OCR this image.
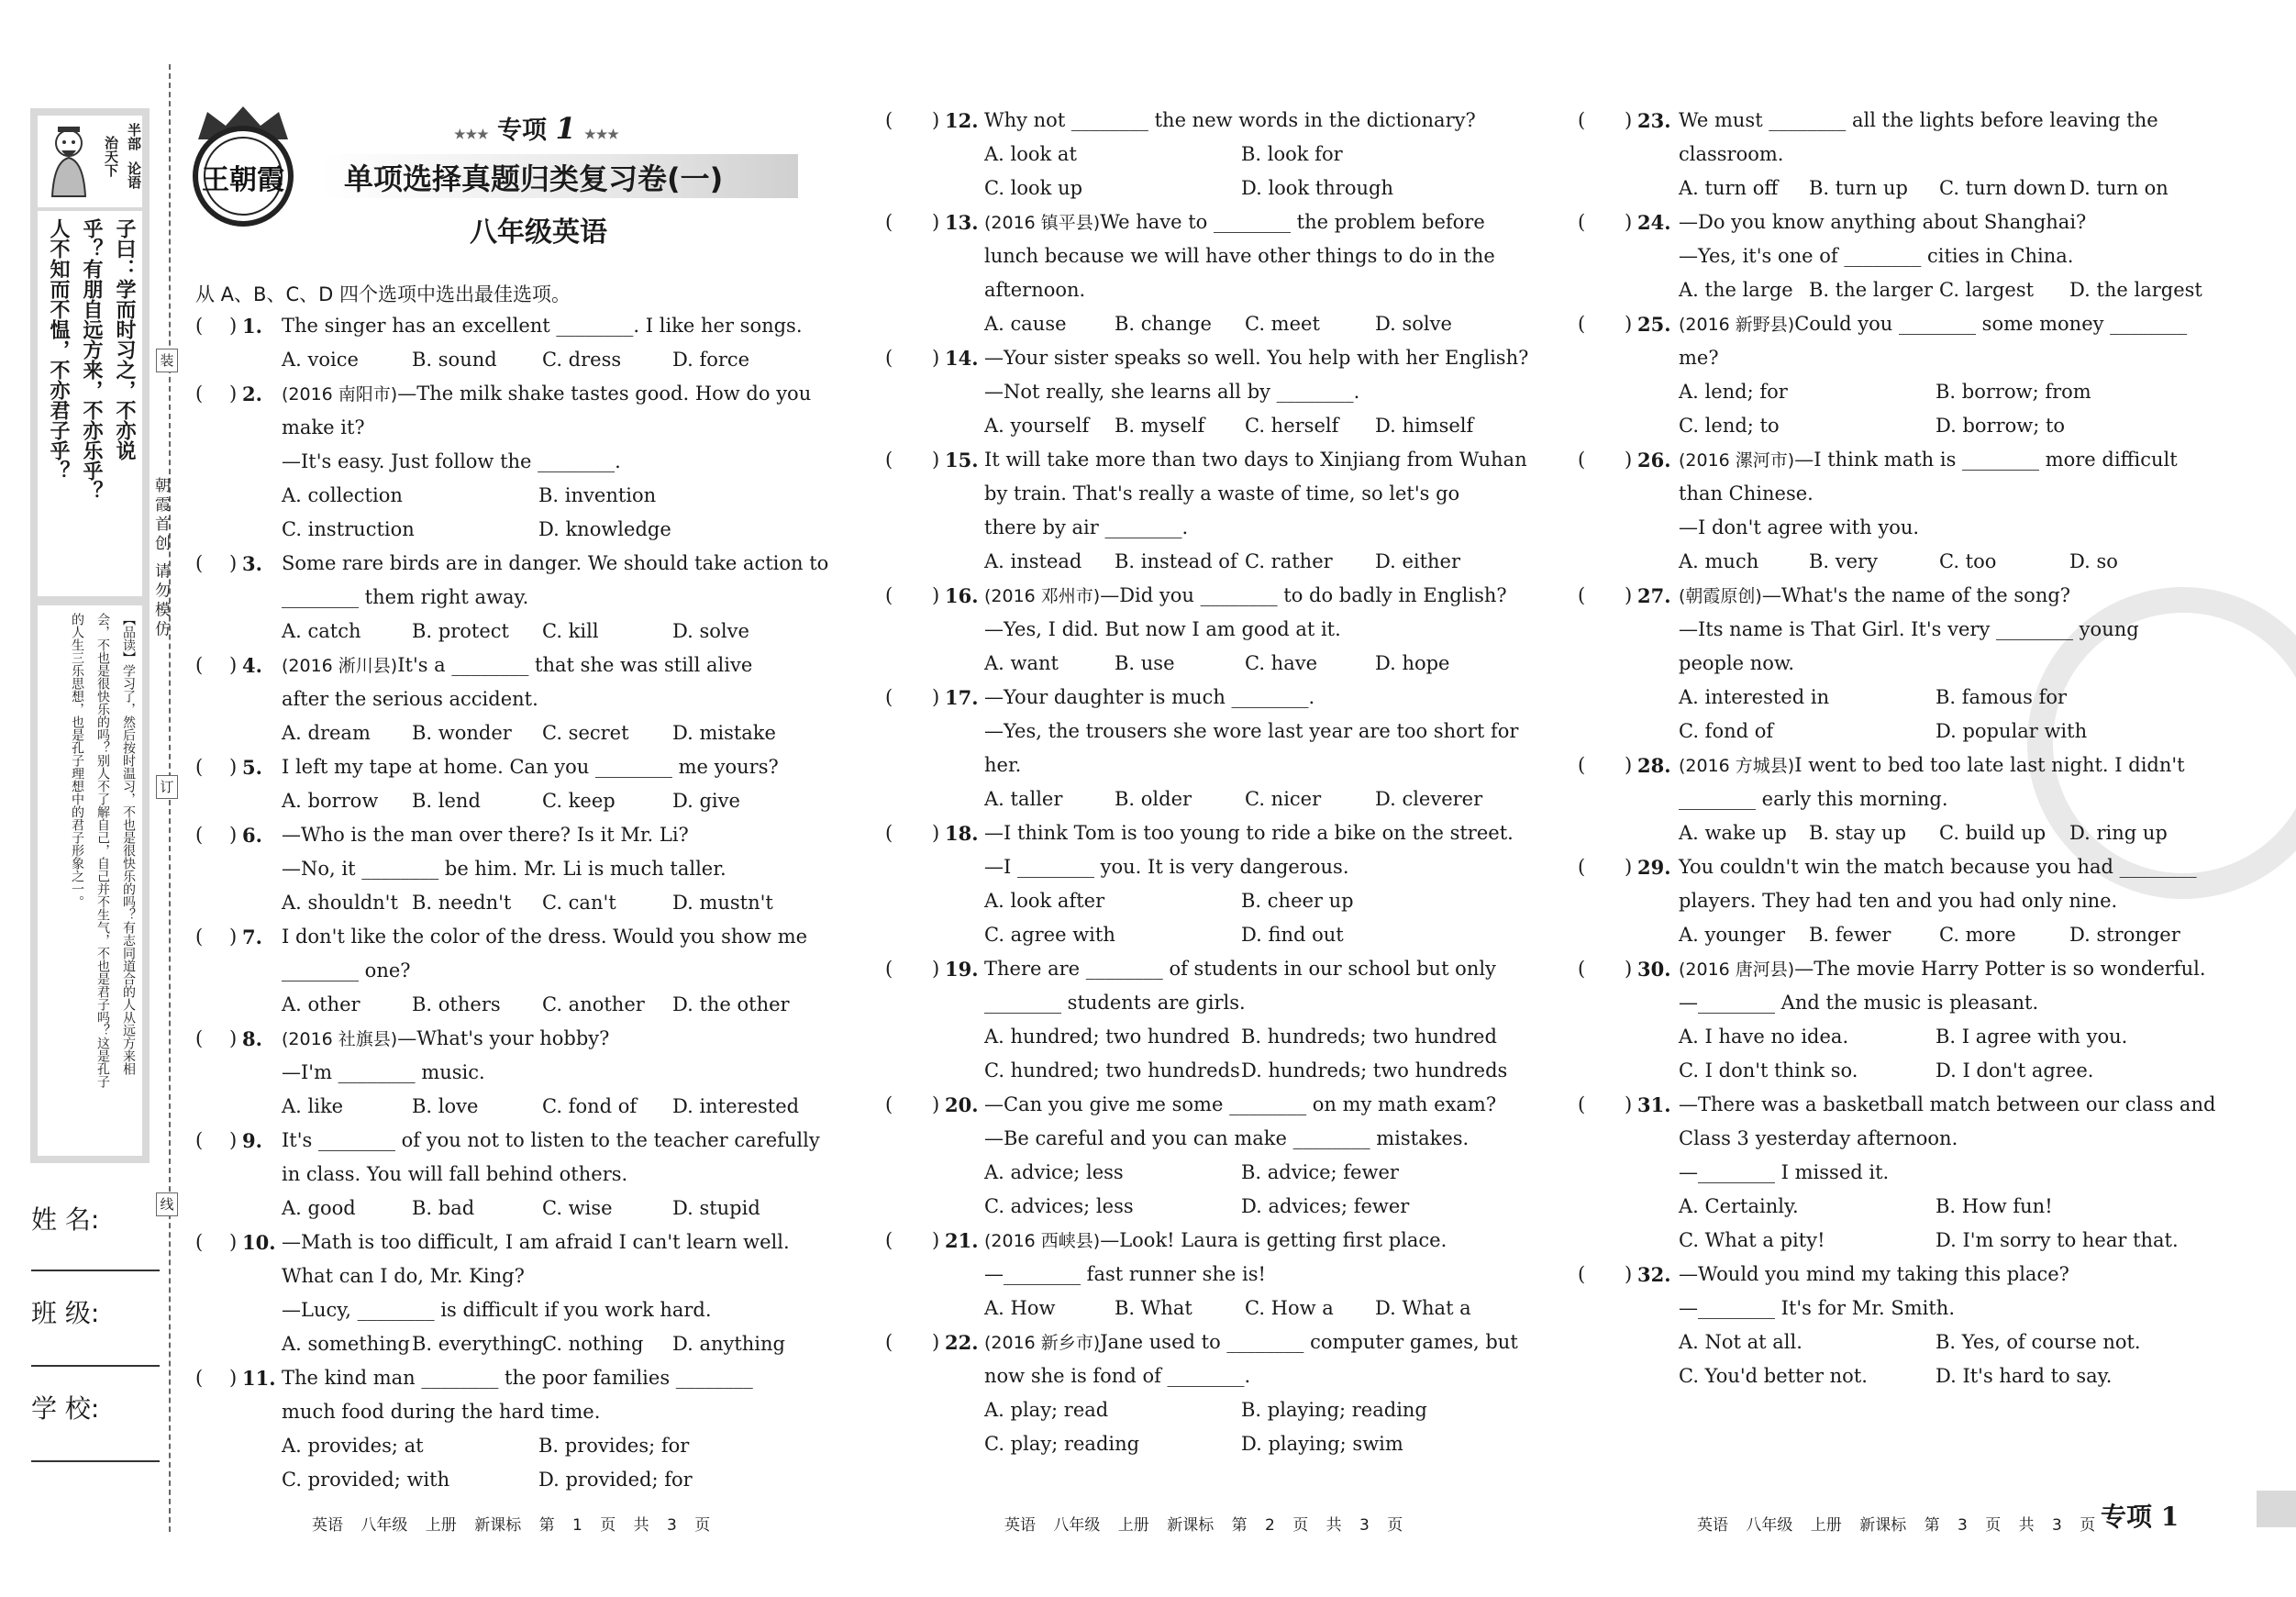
半部
论语
治天下
子曰：学而时习之，不亦说
乎？有朋自远方来，不亦乐乎？
人不知而不愠，不亦君子乎？
【品读】学习了，然后按时温习，不也是很快乐的吗？有志同道合的人从远方来相
会，不也是很快乐的吗？别人不了解自己，自己并不生气，不也是君子吗？这是孔子
的人生三乐思想，也是孔子理想中的君子形象之一。
姓 名:
班 级:
学 校:
装
订
线
朝霞首创 请勿模仿
王朝霞
★★★ 专项 1 ★★★
单项选择真题归类复习卷(一)
八年级英语
从 A、B、C、D 四个选项中选出最佳选项。
( ) 1. The singer has an excellent ________. I like her songs.
A. voice	B. sound C. dress	D. force
( ) 2. (2016 南阳市)—The milk shake tastes good. How do you
make it?
—It's easy. Just follow the ________.
A. collection	B. invention
C. instruction	D. knowledge
( ) 3. Some rare birds are in danger. We should take action to
________ them right away.
A. catch	B. protect C. kill	D. solve
( ) 4. (2016 淅川县)It's a ________ that she was still alive
after the serious accident.
A. dream B. wonder C. secret D. mistake
( ) 5. I left my tape at home. Can you ________ me yours?
A. borrow B. lend	C. keep	D. give
( ) 6. —Who is the man over there? Is it Mr. Li?
—No, it ________ be him. Mr. Li is much taller.
A. shouldn't B. needn't C. can't	D. mustn't
( ) 7. I don't like the color of the dress. Would you show me
________ one?
A. other	B. others C. another D. the other
( ) 8. (2016 社旗县)—What's your hobby?
—I'm ________ music.
A. like	B. love	C. fond of D. interested
( ) 9. It's ________ of you not to listen to the teacher carefully
in class. You will fall behind others.
A. good	B. bad	C. wise	D. stupid
( ) 10. —Math is too difficult, I am afraid I can't learn well.
What can I do, Mr. King?
—Lucy, ________ is difficult if you work hard.
A. something B. everything
C. nothing D. anything
( ) 11. The kind man ________ the poor families ________
much food during the hard time.
A. provides; at	B. provides; for
C. provided; with	D. provided; for
( ) 12. Why not ________ the new words in the dictionary?
A. look at	B. look for
C. look up	D. look through
( ) 13. (2016 镇平县)We have to ________ the problem before
lunch because we will have other things to do in the
afternoon.
A. cause B. change C. meet	D. solve
( ) 14. —Your sister speaks so well. You help with her English?
—Not really, she learns all by ________.
A. yourself B. myself C. herself D. himself
( ) 15. It will take more than two days to Xinjiang from Wuhan
by train. That's really a waste of time, so let's go
there by air ________.
A. instead B. instead of C. rather D. either
( ) 16. (2016 邓州市)—Did you ________ to do badly in English?
—Yes, I did. But now I am good at it.
A. want	B. use	C. have	D. hope
( ) 17. —Your daughter is much ________.
—Yes, the trousers she wore last year are too short for
her.
A. taller	B. older	C. nicer	D. cleverer
( ) 18. —I think Tom is too young to ride a bike on the street.
—I ________ you. It is very dangerous.
A. look after	B. cheer up
C. agree with	D. find out
( ) 19. There are ________ of students in our school but only
________ students are girls.
A. hundred; two hundred B. hundreds; two hundred
C. hundred; two hundreds D. hundreds; two hundreds
( ) 20. —Can you give me some ________ on my math exam?
—Be careful and you can make ________ mistakes.
A. advice; less	B. advice; fewer
C. advices; less	D. advices; fewer
( ) 21. (2016 西峡县)—Look! Laura is getting first place.
—________ fast runner she is!
A. How	B. What	C. How a D. What a
( ) 22. (2016 新乡市)Jane used to ________ computer games, but
now she is fond of ________.
A. play; read	B. playing; reading
C. play; reading	D. playing; swim
( ) 23. We must ________ all the lights before leaving the
classroom.
A. turn off B. turn up C. turn down D. turn on
( ) 24. —Do you know anything about Shanghai?
—Yes, it's one of ________ cities in China.
A. the large B. the larger C. largest D. the largest
( ) 25. (2016 新野县)Could you ________ some money ________
me?
A. lend; for	B. borrow; from
C. lend; to	D. borrow; to
( ) 26. (2016 漯河市)—I think math is ________ more difficult
than Chinese.
—I don't agree with you.
A. much	B. very	C. too	D. so
( ) 27. (朝霞原创)—What's the name of the song?
—Its name is That Girl. It's very ________ young
people now.
A. interested in	B. famous for
C. fond of	D. popular with
( ) 28. (2016 方城县)I went to bed too late last night. I didn't
________ early this morning.
A. wake up B. stay up C. build up D. ring up
( ) 29. You couldn't win the match because you had ________
players. They had ten and you had only nine.
A. younger B. fewer	C. more	D. stronger
( ) 30. (2016 唐河县)—The movie Harry Potter is so wonderful.
—________ And the music is pleasant.
A. I have no idea.	B. I agree with you.
C. I don't think so.	D. I don't agree.
( ) 31. —There was a basketball match between our class and
Class 3 yesterday afternoon.
—________ I missed it.
A. Certainly.	B. How fun!
C. What a pity!	D. I'm sorry to hear that.
( ) 32. —Would you mind my taking this place?
—________ It's for Mr. Smith.
A. Not at all.	B. Yes, of course not.
C. You'd better not.	D. It's hard to say.
英语 八年级 上册 新课标 第 1 页 共 3 页	英语 八年级 上册 新课标 第 2 页 共 3 页	英语 八年级 上册 新课标 第 3 页 共 3 页 专项 1
